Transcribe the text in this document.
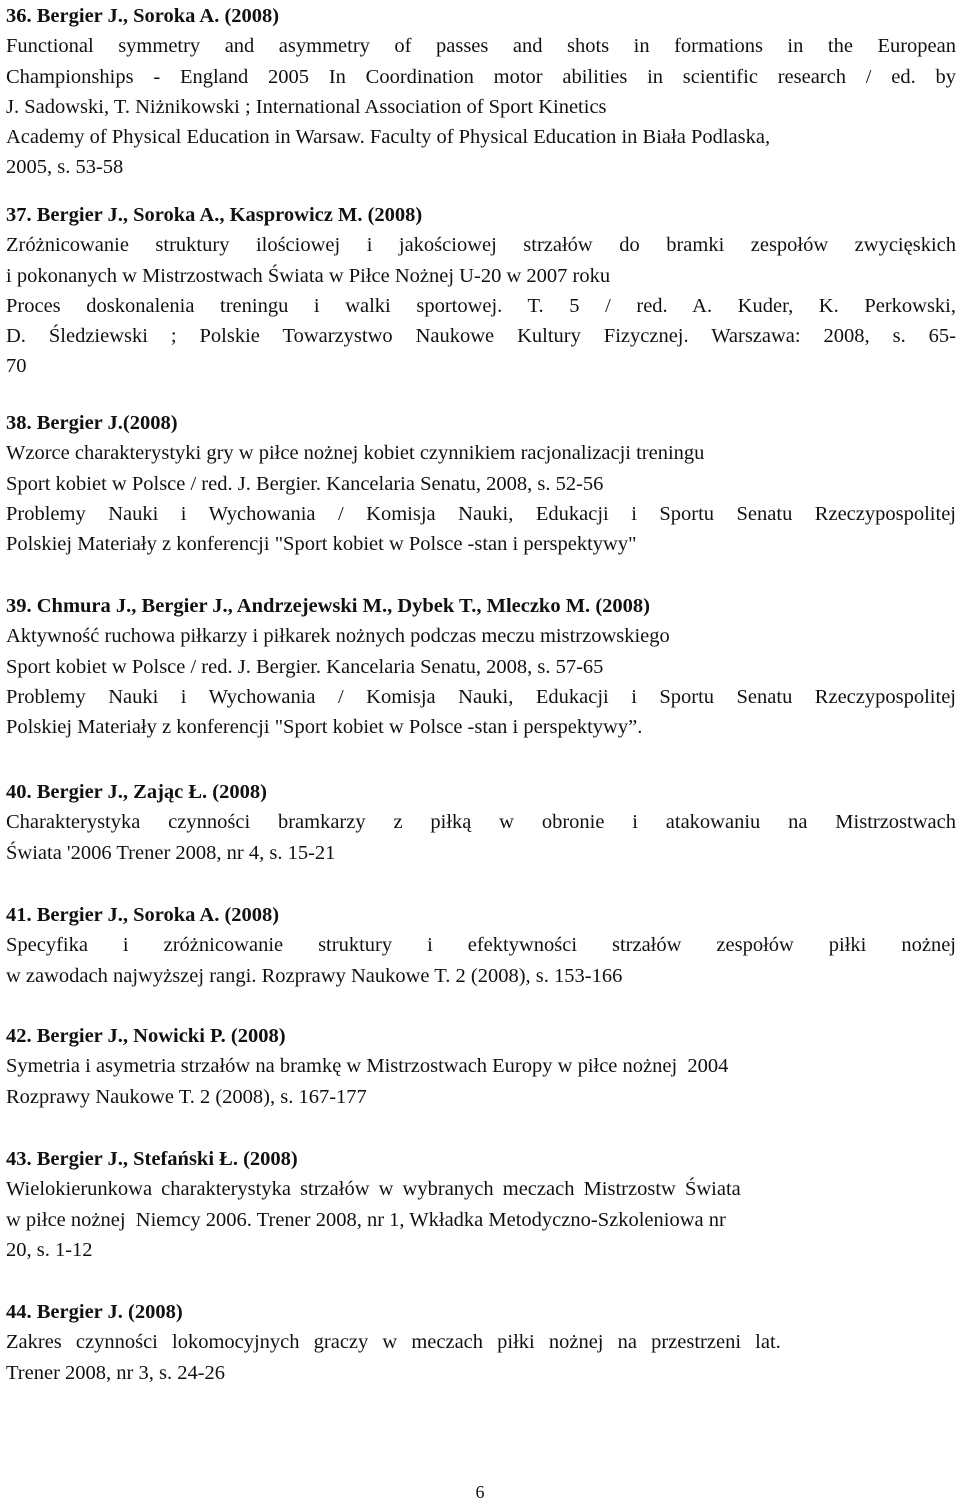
36. Bergier J., Soroka A. (2008)

Functional symmetry and asymmetry of passes and shots in formations in the European

Championships - England 2005 In Coordination motor abilities in scientific research / ed. by

J. Sadowski, T. Niżnikowski ; International Association of Sport Kinetics

Academy of Physical Education in Warsaw. Faculty of Physical Education in Biała Podlaska,

2005, s. 53-58

37. Bergier J., Soroka A., Kasprowicz M. (2008)

Zróżnicowanie struktury ilościowej i jakościowej strzałów do bramki zespołów zwycięskich

i pokonanych w Mistrzostwach Świata w Piłce Nożnej U-20 w 2007 roku

Proces doskonalenia treningu i walki sportowej. T. 5 / red. A. Kuder, K. Perkowski,

D. Śledziewski ; Polskie Towarzystwo Naukowe Kultury Fizycznej. Warszawa: 2008, s. 65-

70

38. Bergier J.(2008)

Wzorce charakterystyki gry w piłce nożnej kobiet czynnikiem racjonalizacji treningu

Sport kobiet w Polsce / red. J. Bergier. Kancelaria Senatu, 2008, s. 52-56

Problemy Nauki i Wychowania / Komisja Nauki, Edukacji i Sportu Senatu Rzeczypospolitej

Polskiej Materiały z konferencji "Sport kobiet w Polsce -stan i perspektywy"

39. Chmura J., Bergier J., Andrzejewski M., Dybek T., Mleczko M. (2008)

Aktywność ruchowa piłkarzy i piłkarek nożnych podczas meczu mistrzowskiego

Sport kobiet w Polsce / red. J. Bergier. Kancelaria Senatu, 2008, s. 57-65

Problemy Nauki i Wychowania / Komisja Nauki, Edukacji i Sportu Senatu Rzeczypospolitej

Polskiej Materiały z konferencji "Sport kobiet w Polsce -stan i perspektywy”.

40. Bergier J., Zając Ł. (2008)

Charakterystyka czynności bramkarzy z piłką w obronie i atakowaniu na Mistrzostwach

Świata '2006 Trener 2008, nr 4, s. 15-21

41. Bergier J., Soroka A. (2008)

Specyfika i zróżnicowanie struktury i efektywności strzałów zespołów piłki nożnej

w zawodach najwyższej rangi. Rozprawy Naukowe T. 2 (2008), s. 153-166

42. Bergier J., Nowicki P. (2008)

Symetria i asymetria strzałów na bramkę w Mistrzostwach Europy w piłce nożnej  2004

Rozprawy Naukowe T. 2 (2008), s. 167-177

43. Bergier J., Stefański Ł. (2008)

Wielokierunkowa charakterystyka strzałów w wybranych meczach Mistrzostw Świata

w piłce nożnej  Niemcy 2006. Trener 2008, nr 1, Wkładka Metodyczno-Szkoleniowa nr

20, s. 1-12

44. Bergier J. (2008)

Zakres czynności lokomocyjnych graczy w meczach piłki nożnej na przestrzeni lat.

Trener 2008, nr 3, s. 24-26

6
